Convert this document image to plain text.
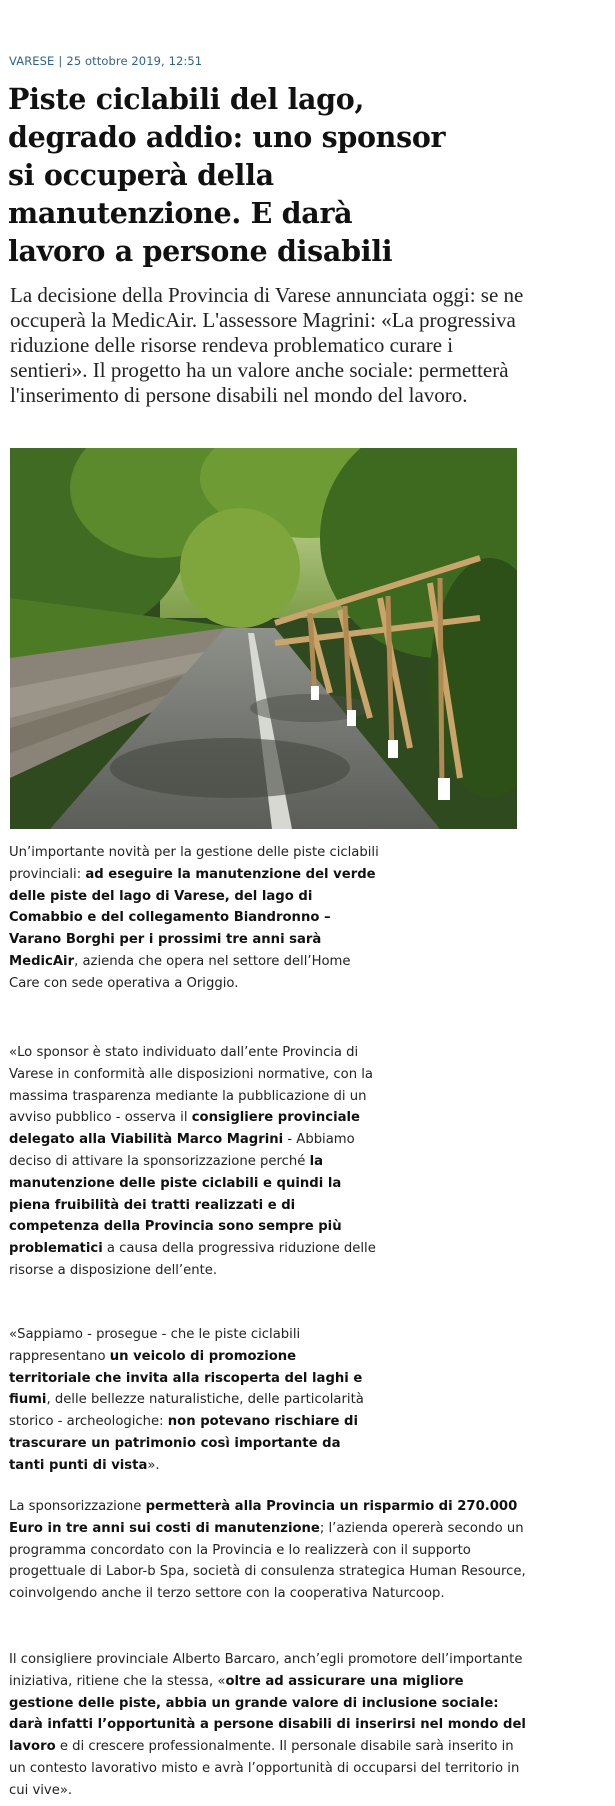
VARESE | 25 ottobre 2019, 12:51
Piste ciclabili del lago, degrado addio: uno sponsor si occuperà della manutenzione. E darà lavoro a persone disabili

La decisione della Provincia di Varese annunciata oggi: se ne occuperà la MedicAir. L'assessore Magrini: «La progressiva riduzione delle risorse rendeva problematico curare i sentieri». Il progetto ha un valore anche sociale: permetterà l'inserimento di persone disabili nel mondo del lavoro.

Un’importante novità per la gestione delle piste ciclabili provinciali: ad eseguire la manutenzione del verde delle piste del lago di Varese, del lago di Comabbio e del collegamento Biandronno – Varano Borghi per i prossimi tre anni sarà MedicAir, azienda che opera nel settore dell’Home Care con sede operativa a Origgio.

«Lo sponsor è stato individuato dall’ente Provincia di Varese in conformità alle disposizioni normative, con la massima trasparenza mediante la pubblicazione di un avviso pubblico - osserva il consigliere provinciale delegato alla Viabilità Marco Magrini - Abbiamo deciso di attivare la sponsorizzazione perché la manutenzione delle piste ciclabili e quindi la piena fruibilità dei tratti realizzati e di competenza della Provincia sono sempre più problematici a causa della progressiva riduzione delle risorse a disposizione dell’ente.

«Sappiamo - prosegue - che le piste ciclabili rappresentano un veicolo di promozione territoriale che invita alla riscoperta del laghi e fiumi, delle bellezze naturalistiche, delle particolarità storico - archeologiche: non potevano rischiare di trascurare un patrimonio così importante da tanti punti di vista».

La sponsorizzazione permetterà alla Provincia un risparmio di 270.000 Euro in tre anni sui costi di manutenzione; l’azienda opererà secondo un programma concordato con la Provincia e lo realizzerà con il supporto progettuale di Labor-b Spa, società di consulenza strategica Human Resource, coinvolgendo anche il terzo settore con la cooperativa Naturcoop.

Il consigliere provinciale Alberto Barcaro, anch’egli promotore dell’importante iniziativa, ritiene che la stessa, «oltre ad assicurare una migliore gestione delle piste, abbia un grande valore di inclusione sociale: darà infatti l’opportunità a persone disabili di inserirsi nel mondo del lavoro e di crescere professionalmente. Il personale disabile sarà inserito in un contesto lavorativo misto e avrà l’opportunità di occuparsi del territorio in cui vive».
